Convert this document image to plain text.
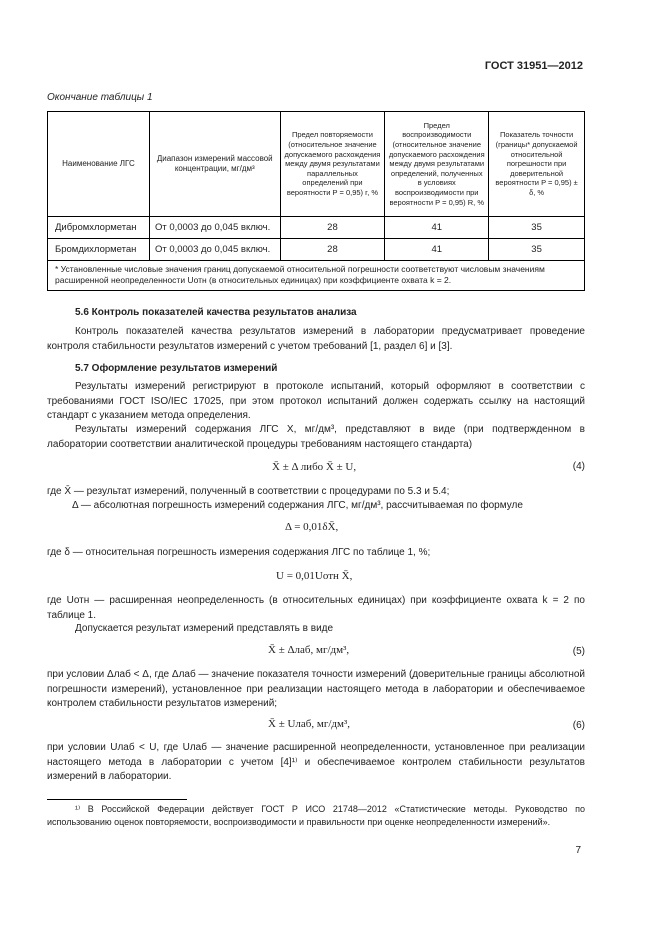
ГОСТ 31951—2012
Окончание таблицы 1
Наименование ЛГС	Диапазон измерений массовой концентрации, мг/дм³	Предел повторяемости (относительное значение допускаемого расхождения между двумя результатами параллельных определений при вероятности P = 0,95) r, %	Предел воспроизводимости (относительное значение допускаемого расхождения между двумя результатами определений, полученных в условиях воспроизводимости при вероятности P = 0,95) R, %	Показатель точности (границы* допускаемой относительной погрешности при доверительной вероятности P = 0,95) ± δ, %
Дибромхлорметан	От 0,0003 до 0,045 включ.	28	41	35
Бромдихлорметан	От 0,0003 до 0,045 включ.	28	41	35
* Установленные числовые значения границ допускаемой относительной погрешности соответствуют числовым значениям расширенной неопределенности Uотн (в относительных единицах) при коэффициенте охвата k = 2.				
5.6 Контроль показателей качества результатов анализа
Контроль показателей качества результатов измерений в лаборатории предусматривает проведение контроля стабильности результатов измерений с учетом требований [1, раздел 6] и [3].
5.7 Оформление результатов измерений
Результаты измерений регистрируют в протоколе испытаний, который оформляют в соответствии с требованиями ГОСТ ISO/IEC 17025, при этом протокол испытаний должен содержать ссылку на настоящий стандарт с указанием метода определения.
Результаты измерений содержания ЛГС X, мг/дм³, представляют в виде (при подтвержденном в лаборатории соответствии аналитической процедуры требованиям настоящего стандарта)
X̄ ± Δ либо X̄ ± U,	(4)
где X̄ — результат измерений, полученный в соответствии с процедурами по 5.3 и 5.4;
Δ — абсолютная погрешность измерений содержания ЛГС, мг/дм³, рассчитываемая по формуле
Δ = 0,01δX̄,
где δ — относительная погрешность измерения содержания ЛГС по таблице 1, %;
U = 0,01Uотн X̄,
где Uотн — расширенная неопределенность (в относительных единицах) при коэффициенте охвата k = 2 по таблице 1.
Допускается результат измерений представлять в виде
X̄ ± Δлаб, мг/дм³,	(5)
при условии Δлаб < Δ, где Δлаб — значение показателя точности измерений (доверительные границы абсолютной погрешности измерений), установленное при реализации настоящего метода в лаборатории и обеспечиваемое контролем стабильности результатов измерений;
X̄ ± Uлаб, мг/дм³,	(6)
при условии Uлаб < U, где Uлаб — значение расширенной неопределенности, установленное при реализации настоящего метода в лаборатории с учетом [4]¹⁾ и обеспечиваемое контролем стабильности результатов измерений в лаборатории.
¹⁾ В Российской Федерации действует ГОСТ Р ИСО 21748—2012 «Статистические методы. Руководство по использованию оценок повторяемости, воспроизводимости и правильности при оценке неопределенности измерений».
7
